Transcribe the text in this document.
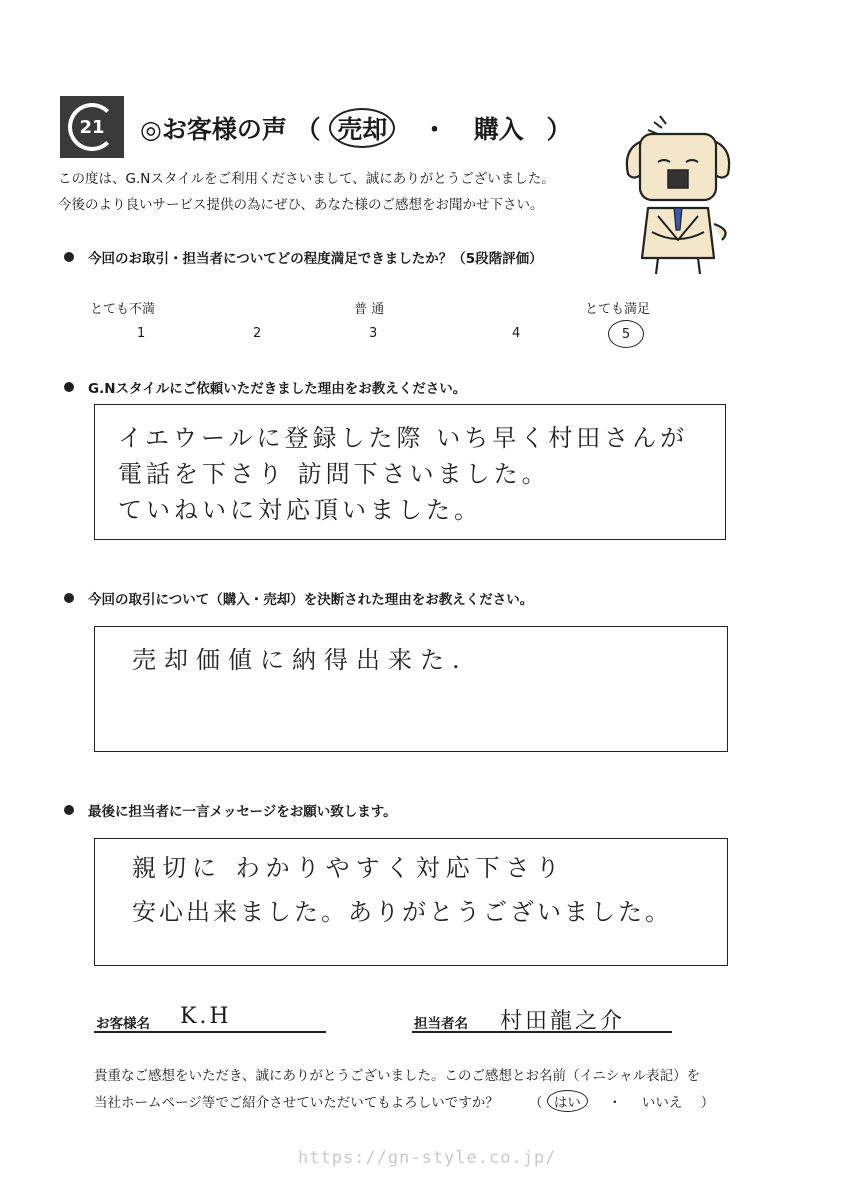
21 ◎お客様の声 （ 売却 ・ 購入 ）
この度は、G.Nスタイルをご利用くださいまして、誠にありがとうございました。
今後のより良いサービス提供の為にぜひ、あなた様のご感想をお聞かせ下さい。
今回のお取引・担当者についてどの程度満足できましたか？（5段階評価）
とても不満	普 通	とても満足
1	2	3	4	5
G.Nスタイルにご依頼いただきました理由をお教えください。
イエウールに登録した際 いち早く村田さんが
電話を下さり 訪問下さいました。
ていねいに対応頂いました。
今回の取引について（購入・売却）を決断された理由をお教えください。
売却価値に納得出来た.
最後に担当者に一言メッセージをお願い致します。
親切に わかりやすく対応下さり
安心出来ました。ありがとうございました。
お客様名 K.H	担当者名 村田龍之介
貴重なご感想をいただき、誠にありがとうございました。このご感想とお名前（イニシャル表記）を
当社ホームページ等でご紹介させていただいてもよろしいですか？ （ はい ・ いいえ ）
https://gn-style.co.jp/
